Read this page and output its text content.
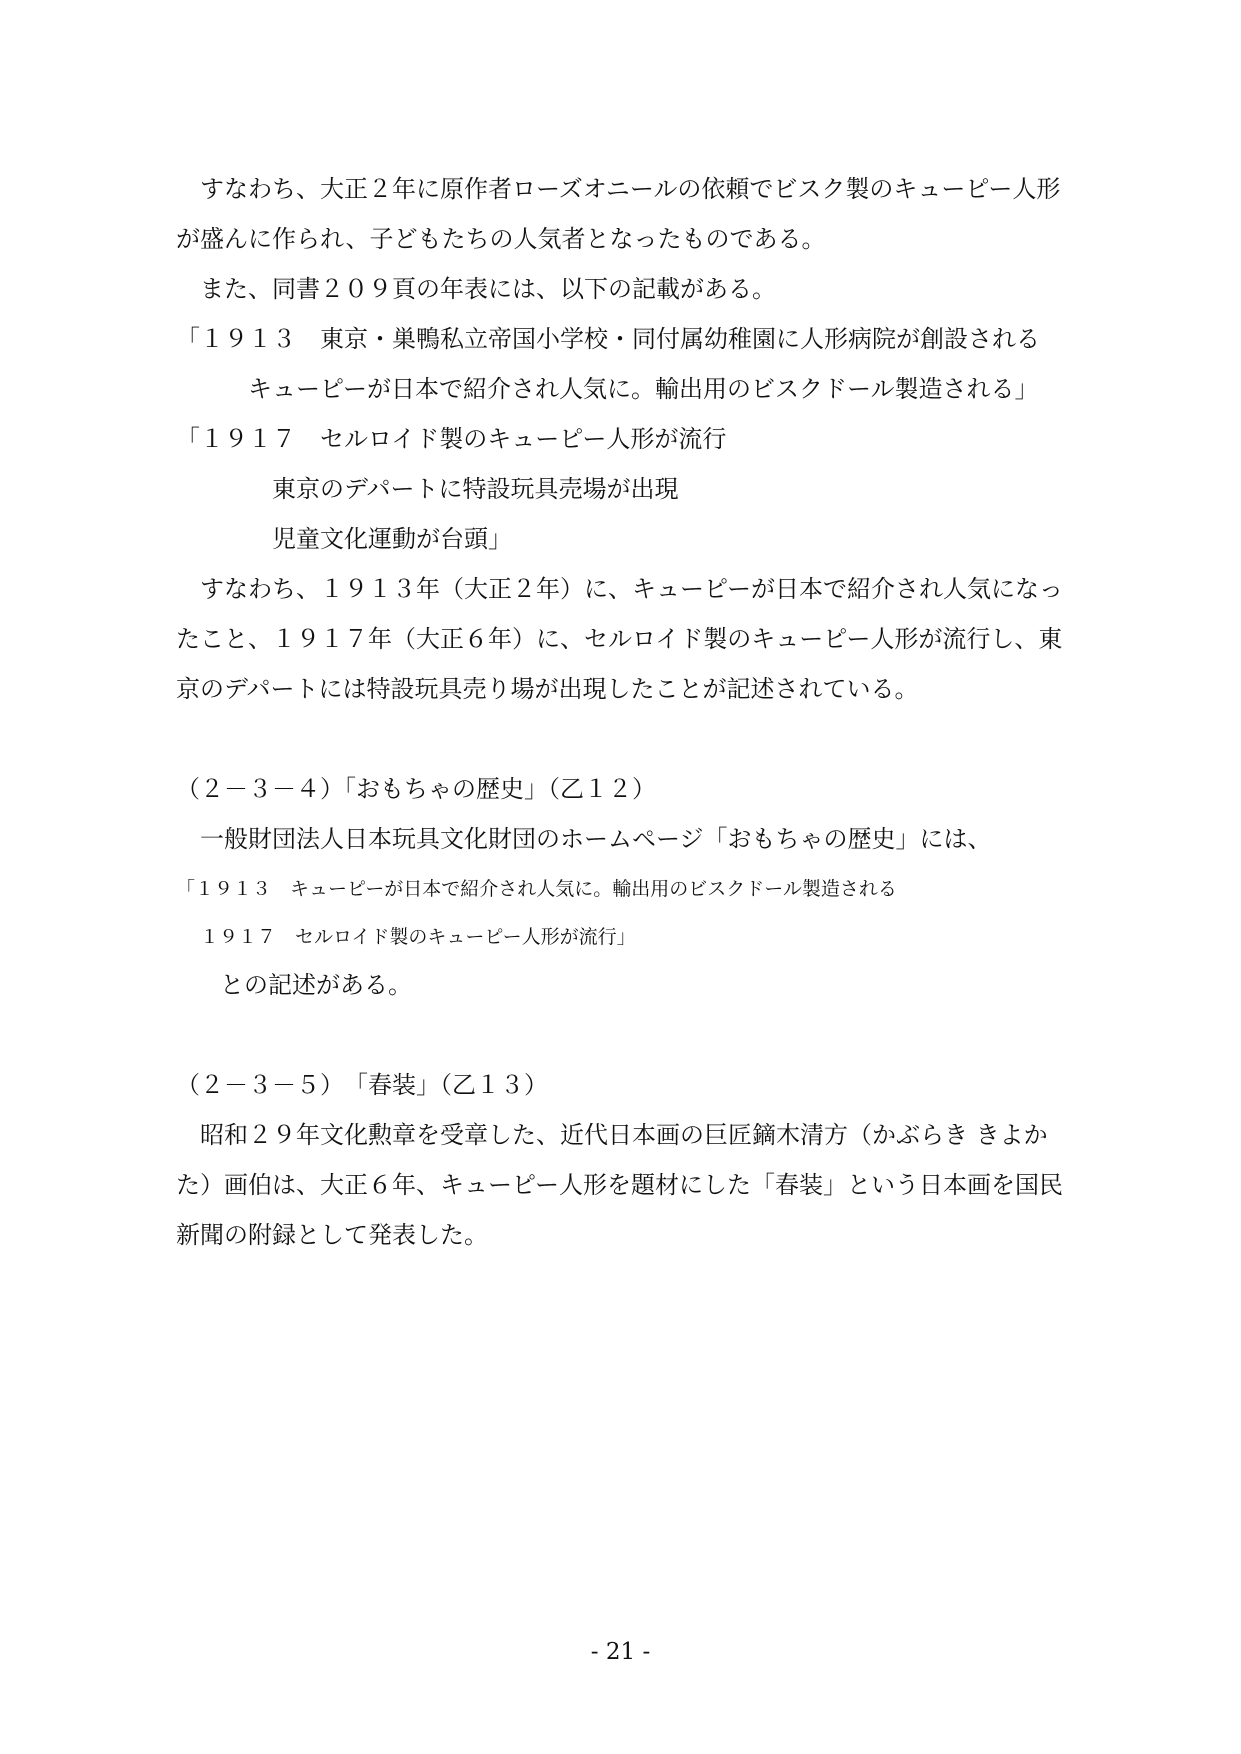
　すなわち、大正２年に原作者ローズオニールの依頼でビスク製のキューピー人形
が盛んに作られ、子どもたちの人気者となったものである。
　また、同書２０９頁の年表には、以下の記載がある。
「１９１３　東京・巣鴨私立帝国小学校・同付属幼稚園に人形病院が創設される
キューピーが日本で紹介され人気に。輸出用のビスクドール製造される」
「１９１７　セルロイド製のキューピー人形が流行
東京のデパートに特設玩具売場が出現
児童文化運動が台頭」
　すなわち、１９１３年（大正２年）に、キューピーが日本で紹介され人気になっ
たこと、１９１７年（大正６年）に、セルロイド製のキューピー人形が流行し、東
京のデパートには特設玩具売り場が出現したことが記述されている。
（２－３－４）「おもちゃの歴史」（乙１２）
　一般財団法人日本玩具文化財団のホームページ「おもちゃの歴史」には、
「１９１３　キューピーが日本で紹介され人気に。輸出用のビスクドール製造される
１９１７　セルロイド製のキューピー人形が流行」
との記述がある。
（２－３－５）　「春装」（乙１３）
　昭和２９年文化勲章を受章した、近代日本画の巨匠鏑木清方（かぶらき きよか
た）画伯は、大正６年、キューピー人形を題材にした「春装」という日本画を国民
新聞の附録として発表した。
- 21 -
